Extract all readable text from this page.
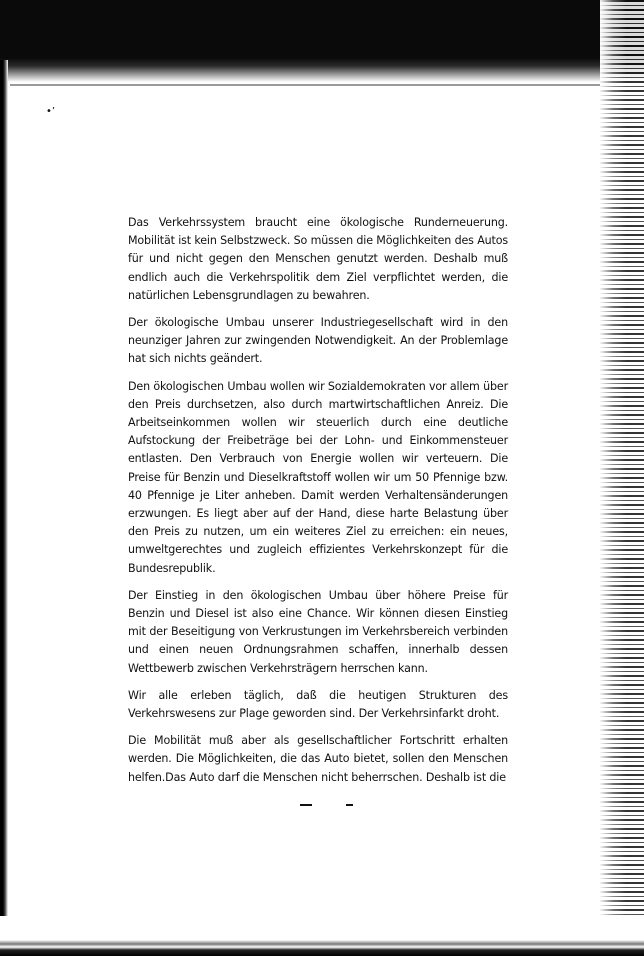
•’

Das Verkehrssystem braucht eine ökologische Runderneuerung. Mobilität ist kein Selbstzweck. So müssen die Möglichkeiten des Autos für und nicht gegen den Menschen genutzt werden. Deshalb muß endlich auch die Verkehrspolitik dem Ziel verpflichtet werden, die natürlichen Lebensgrundlagen zu bewahren.

Der ökologische Umbau unserer Industriegesellschaft wird in den neunziger Jahren zur zwingenden Notwendigkeit. An der Problemlage hat sich nichts geändert.

Den ökologischen Umbau wollen wir Sozialdemokraten vor allem über den Preis durchsetzen, also durch martwirtschaftlichen Anreiz. Die Arbeitseinkommen wollen wir steuerlich durch eine deutliche Aufstockung der Freibeträge bei der Lohn- und Einkommensteuer entlasten. Den Verbrauch von Energie wollen wir verteuern. Die Preise für Benzin und Dieselkraftstoff wollen wir um 50 Pfennige bzw. 40 Pfennige je Liter anheben. Damit werden Verhaltensänderungen erzwungen. Es liegt aber auf der Hand, diese harte Belastung über den Preis zu nutzen, um ein weiteres Ziel zu erreichen: ein neues, umweltgerechtes und zugleich effizientes Verkehrskonzept für die Bundesrepublik.

Der Einstieg in den ökologischen Umbau über höhere Preise für Benzin und Diesel ist also eine Chance. Wir können diesen Einstieg mit der Beseitigung von Verkrustungen im Verkehrsbereich verbinden und einen neuen Ordnungsrahmen schaffen, innerhalb dessen Wettbewerb zwischen Verkehrsträgern herrschen kann.

Wir alle erleben täglich, daß die heutigen Strukturen des Verkehrswesens zur Plage geworden sind. Der Verkehrsinfarkt droht.

Die Mobilität muß aber als gesellschaftlicher Fortschritt erhalten werden. Die Möglichkeiten, die das Auto bietet, sollen den Menschen helfen.Das Auto darf die Menschen nicht beherrschen. Deshalb ist die
